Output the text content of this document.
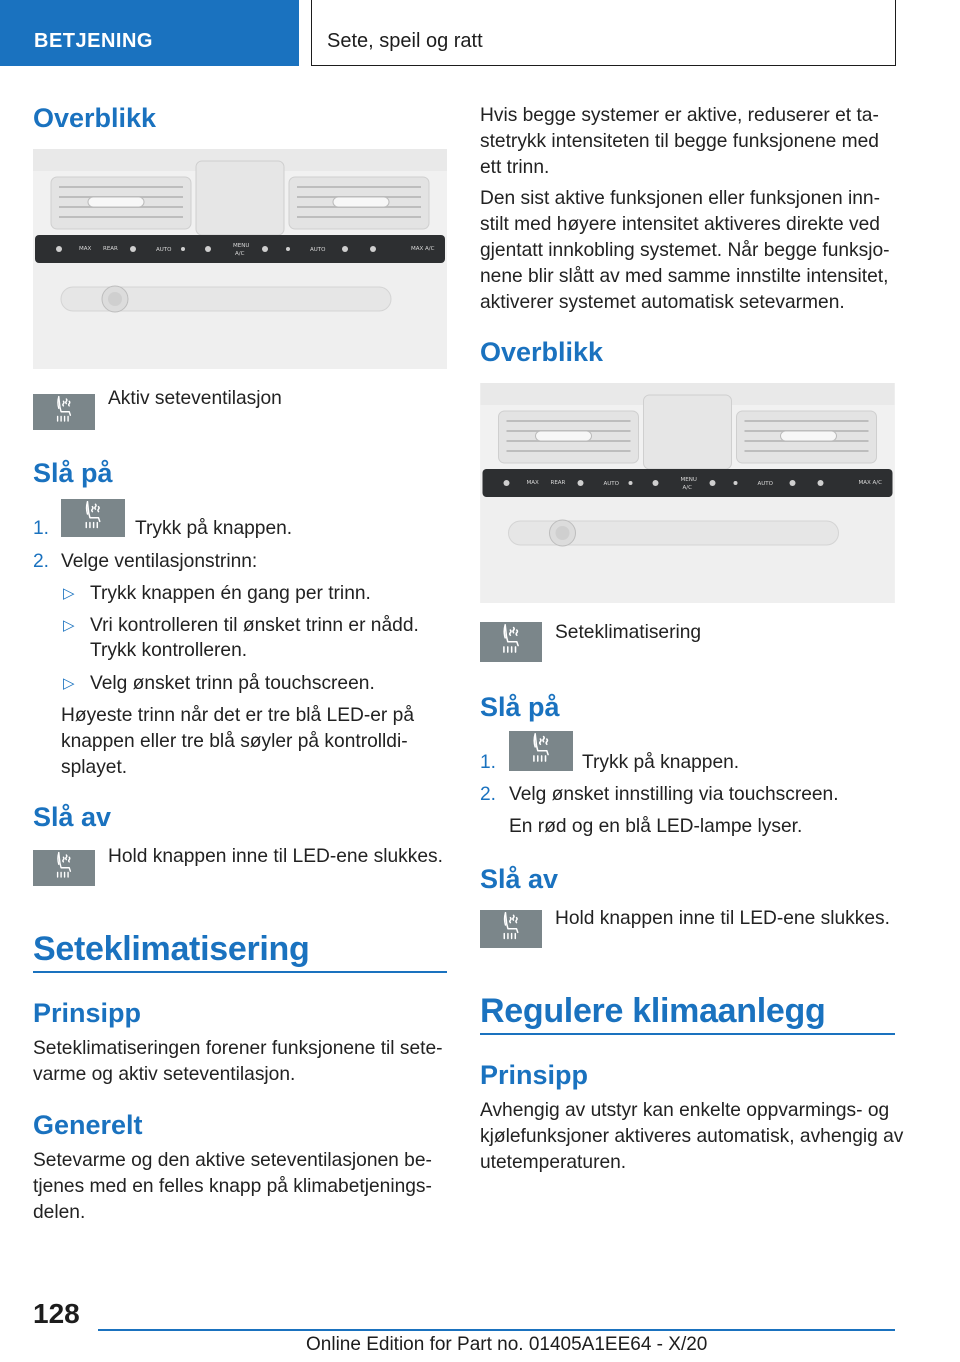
BETJENING	Sete, speil og ratt
Overblikk
MAX REAR	AUTO
MENU
A/C
AUTO	MAX A/C
Aktiv seteventilasjon
Slå på
1.	Trykk på knappen.
2. Velge ventilasjonstrinn:
▷ Trykk knappen én gang per trinn.
▷ Vri kontrolleren til ønsket trinn er nådd.
Trykk kontrolleren.
▷ Velg ønsket trinn på touchscreen.
Høyeste trinn når det er tre blå LED-er på
knappen eller tre blå søyler på kontrolldi-
splayet.
Slå av
Hold knappen inne til LED-ene slukkes.
Seteklimatisering
Prinsipp
Seteklimatiseringen forener funksjonene til sete-
varme og aktiv seteventilasjon.
Generelt
Setevarme og den aktive seteventilasjonen be-
tjenes med en felles knapp på klimabetjenings-
delen.
Hvis begge systemer er aktive, reduserer et ta-
stetrykk intensiteten til begge funksjonene med
ett trinn.
Den sist aktive funksjonen eller funksjonen inn-
stilt med høyere intensitet aktiveres direkte ved
gjentatt innkobling systemet. Når begge funksjo-
nene blir slått av med samme innstilte intensitet,
aktiverer systemet automatisk setevarmen.
Overblikk
MAX REAR	AUTO
MENU
A/C
AUTO	MAX A/C
Seteklimatisering
Slå på
1.	Trykk på knappen.
2. Velg ønsket innstilling via touchscreen.
En rød og en blå LED-lampe lyser.
Slå av
Hold knappen inne til LED-ene slukkes.
Regulere klimaanlegg
Prinsipp
Avhengig av utstyr kan enkelte oppvarmings- og
kjølefunksjoner aktiveres automatisk, avhengig av
utetemperaturen.
128
Online Edition for Part no. 01405A1EE64 - X/20
